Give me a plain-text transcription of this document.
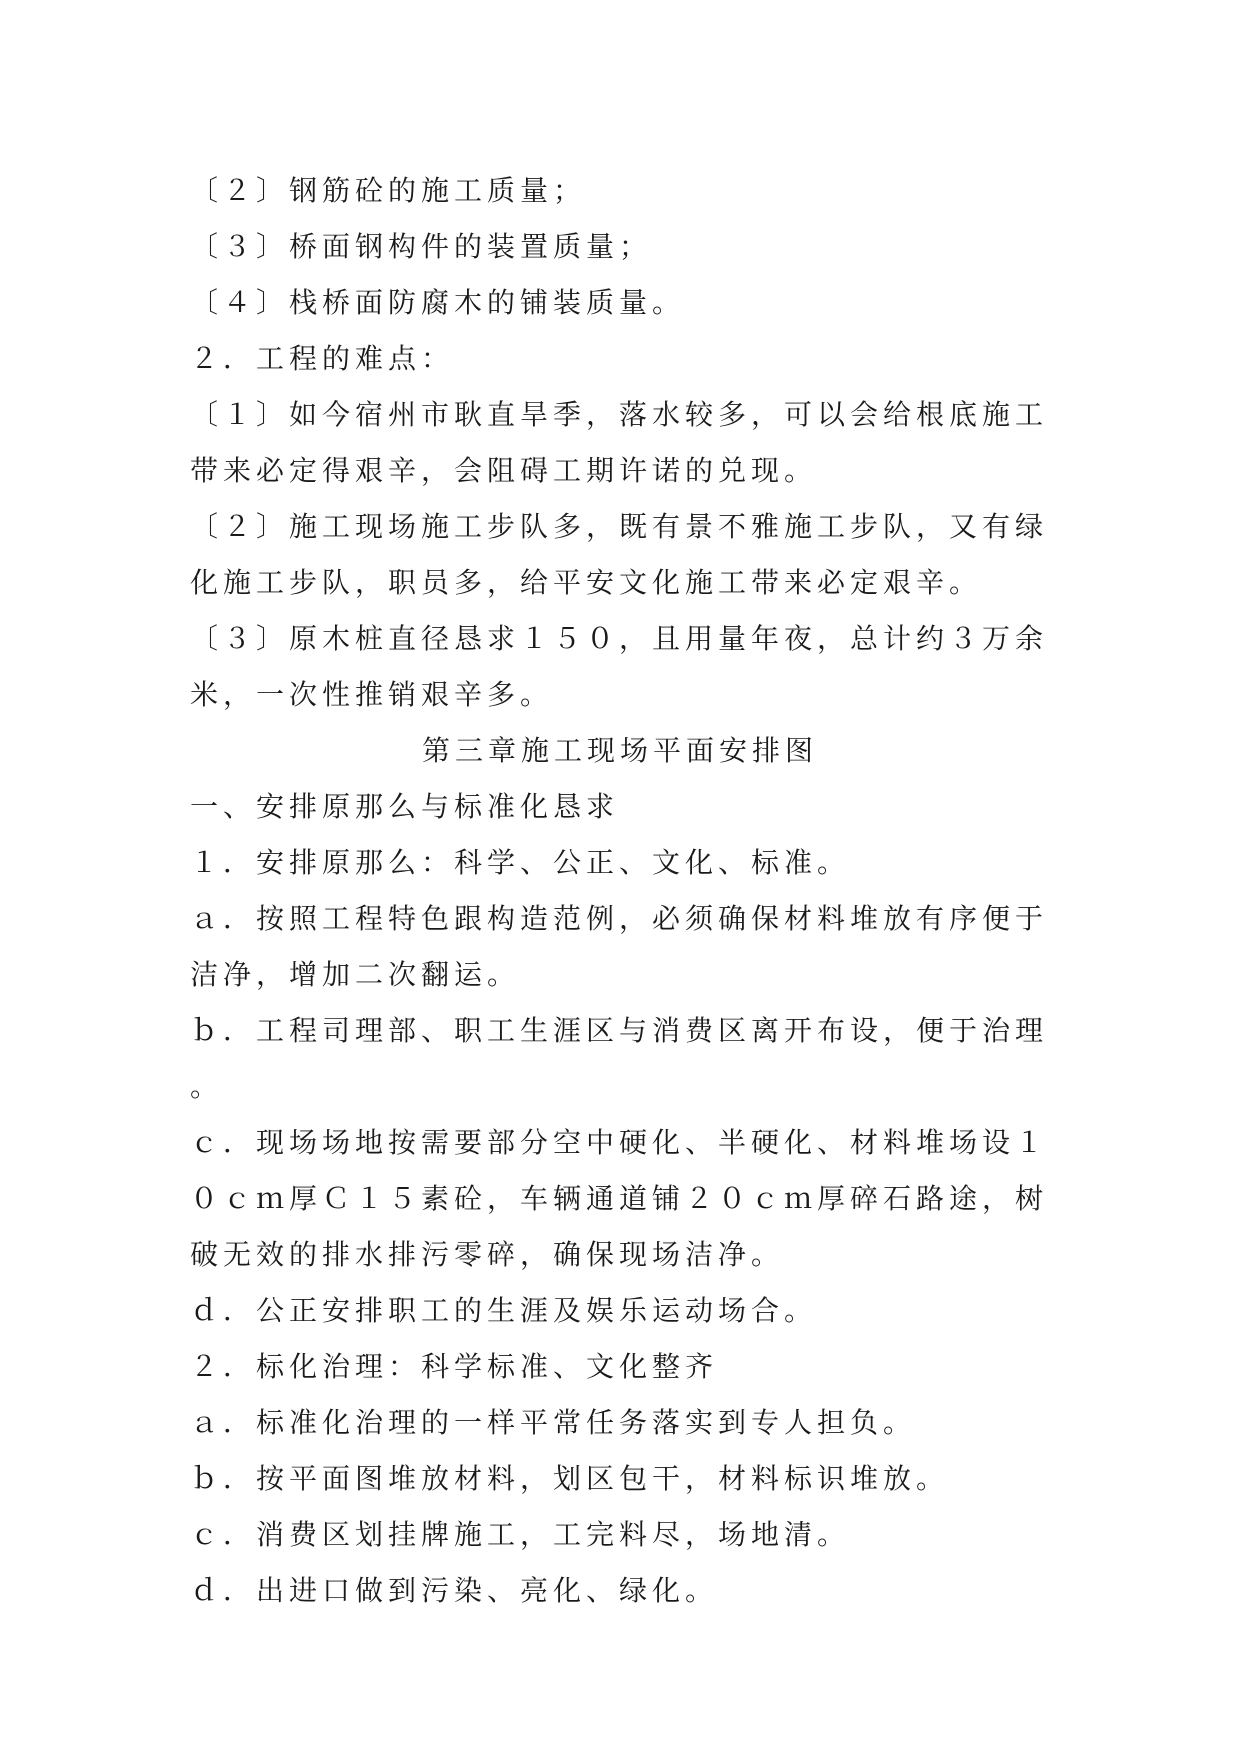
〔２〕钢筋砼的施工质量；

〔３〕桥面钢构件的装置质量；

〔４〕栈桥面防腐木的铺装质量。

２．工程的难点：

〔１〕如今宿州市耿直旱季，落水较多，可以会给根底施工

带来必定得艰辛，会阻碍工期许诺的兑现。

〔２〕施工现场施工步队多，既有景不雅施工步队，又有绿

化施工步队，职员多，给平安文化施工带来必定艰辛。

〔３〕原木桩直径恳求１５０，且用量年夜，总计约３万余

米，一次性推销艰辛多。

第三章施工现场平面安排图

一、安排原那么与标准化恳求

１．安排原那么：科学、公正、文化、标准。

ａ．按照工程特色跟构造范例，必须确保材料堆放有序便于

洁净，增加二次翻运。

ｂ．工程司理部、职工生涯区与消费区离开布设，便于治理

。

ｃ．现场场地按需要部分空中硬化、半硬化、材料堆场设１

０ｃｍ厚Ｃ１５素砼，车辆通道铺２０ｃｍ厚碎石路途，树

破无效的排水排污零碎，确保现场洁净。

ｄ．公正安排职工的生涯及娱乐运动场合。

２．标化治理：科学标准、文化整齐

ａ．标准化治理的一样平常任务落实到专人担负。

ｂ．按平面图堆放材料，划区包干，材料标识堆放。

ｃ．消费区划挂牌施工，工完料尽，场地清。

ｄ．出进口做到污染、亮化、绿化。
